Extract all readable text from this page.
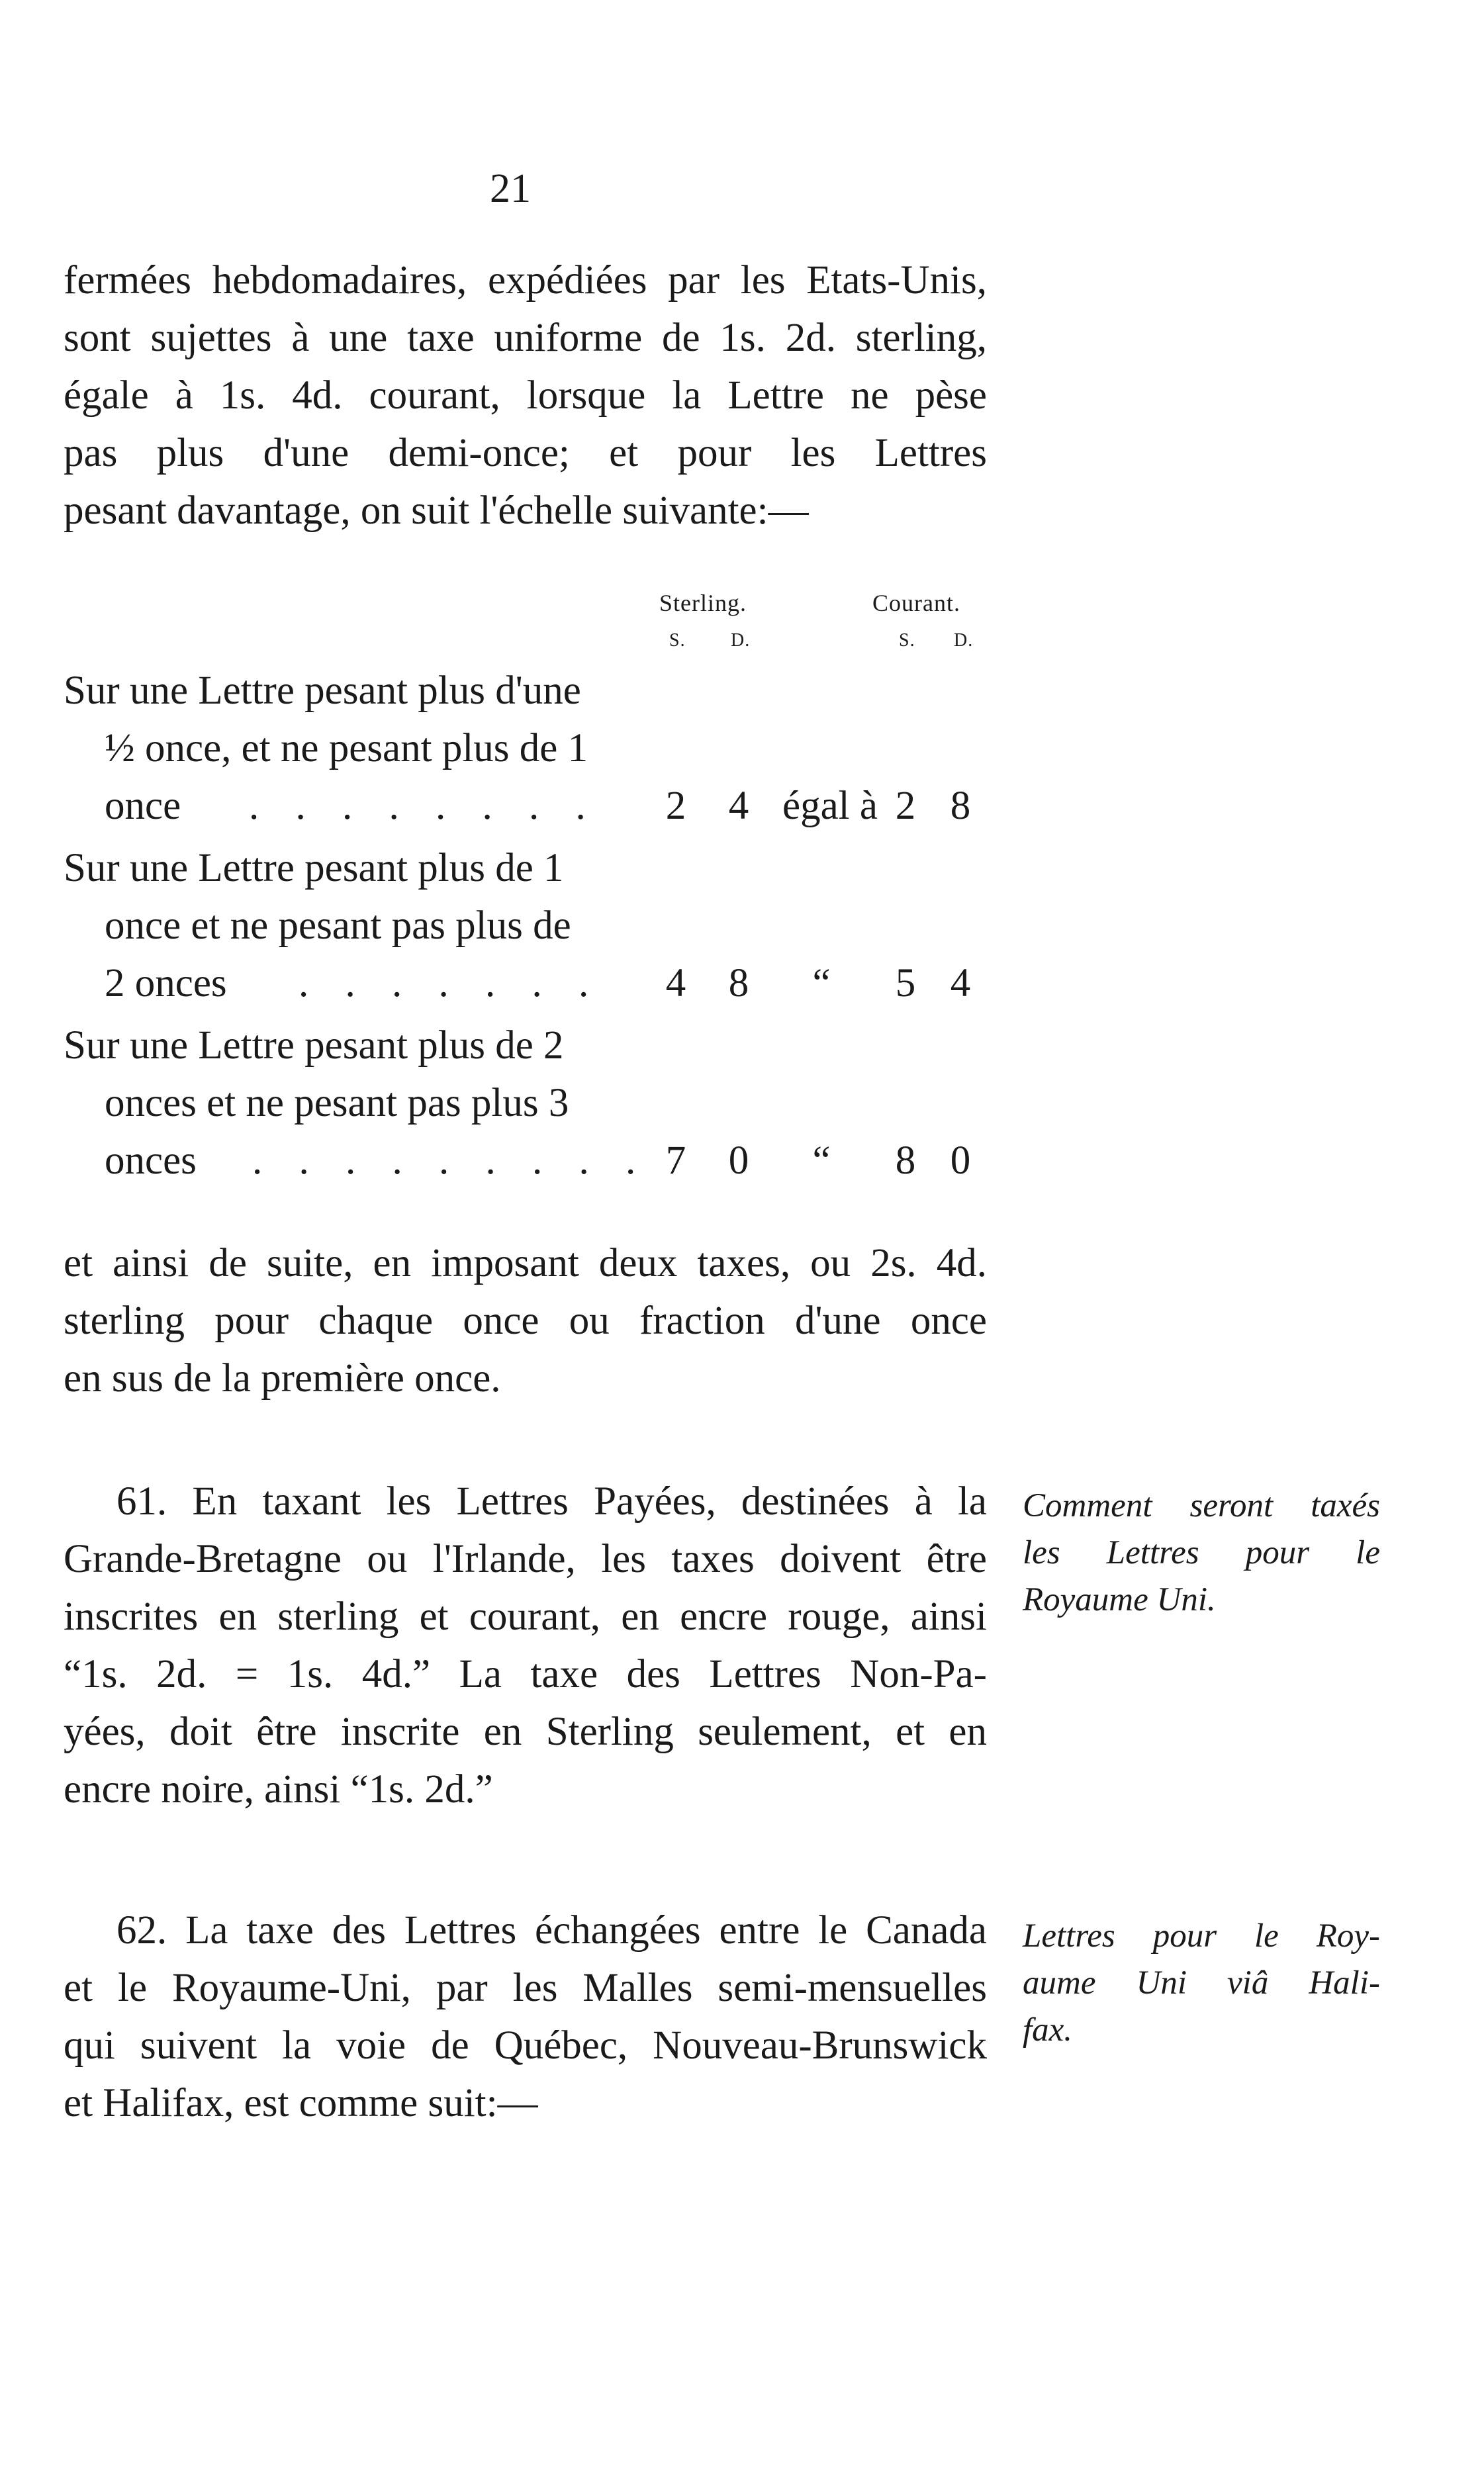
21
fermées hebdomadaires, expédiées par les Etats-Unis,
sont sujettes à une taxe uniforme de 1s. 2d. sterling,
égale à 1s. 4d. courant, lorsque la Lettre ne pèse
pas plus d'une demi-once; et pour les Lettres
pesant davantage, on suit l'échelle suivante:—
Sterling.	Courant.
S. D.	S. D.
Sur une Lettre pesant plus d'une
½ once, et ne pesant plus de 1
once . . . . . . . . 2 4 égal à 2 8
Sur une Lettre pesant plus de 1
once et ne pesant pas plus de
2 onces . . . . . . . 4 8 “ 5 4
Sur une Lettre pesant plus de 2
onces et ne pesant pas plus 3
onces . . . . . . . . . 7 0 “ 8 0
et ainsi de suite, en imposant deux taxes, ou 2s. 4d.
sterling pour chaque once ou fraction d'une once
en sus de la première once.
61. En taxant les Lettres Payées, destinées à la
Grande-Bretagne ou l'Irlande, les taxes doivent être
inscrites en sterling et courant, en encre rouge, ainsi
“1s. 2d. = 1s. 4d.” La taxe des Lettres Non-Pa-
yées, doit être inscrite en Sterling seulement, et en
encre noire, ainsi “1s. 2d.”
Comment seront taxés
les Lettres pour le
Royaume Uni.
62. La taxe des Lettres échangées entre le Canada
et le Royaume-Uni, par les Malles semi-mensuelles
qui suivent la voie de Québec, Nouveau-Brunswick
et Halifax, est comme suit:—
Lettres pour le Roy-
aume Uni viâ Hali-
fax.
